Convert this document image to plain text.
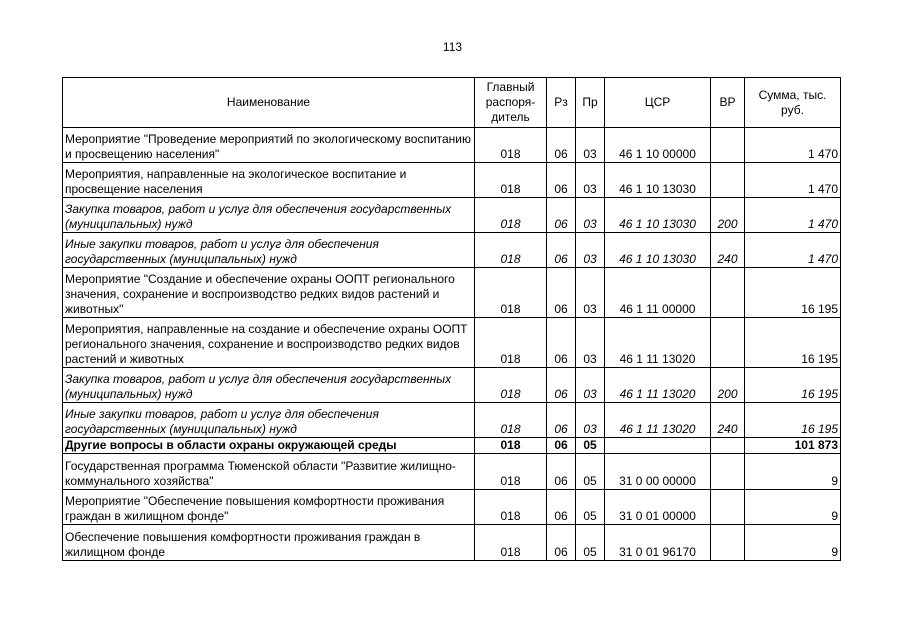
113
Наименование	Главный распоря- дитель	Рз	Пр	ЦСР	ВР	Сумма, тыс. руб.
Мероприятие "Проведение мероприятий по экологическому воспитанию и просвещению населения"	018	06	03	46 1 10 00000		1 470
Мероприятия, направленные на экологическое воспитание и просвещение населения	018	06	03	46 1 10 13030		1 470
Закупка товаров, работ и услуг для обеспечения государственных (муниципальных) нужд	018	06	03	46 1 10 13030	200	1 470
Иные закупки товаров, работ и услуг для обеспечения государственных (муниципальных) нужд	018	06	03	46 1 10 13030	240	1 470
Мероприятие "Создание и обеспечение охраны ООПТ регионального значения, сохранение и воспроизводство редких видов растений и животных"	018	06	03	46 1 11 00000		16 195
Мероприятия, направленные на создание и обеспечение охраны ООПТ регионального значения, сохранение и воспроизводство редких видов растений и животных	018	06	03	46 1 11 13020		16 195
Закупка товаров, работ и услуг для обеспечения государственных (муниципальных) нужд	018	06	03	46 1 11 13020	200	16 195
Иные закупки товаров, работ и услуг для обеспечения государственных (муниципальных) нужд	018	06	03	46 1 11 13020	240	16 195
Другие вопросы в области охраны окружающей среды	018	06	05			101 873
Государственная программа Тюменской области "Развитие жилищно-коммунального хозяйства"	018	06	05	31 0 00 00000		9
Мероприятие "Обеспечение повышения комфортности проживания граждан в жилищном фонде"	018	06	05	31 0 01 00000		9
Обеспечение повышения комфортности проживания граждан в жилищном фонде	018	06	05	31 0 01 96170		9
